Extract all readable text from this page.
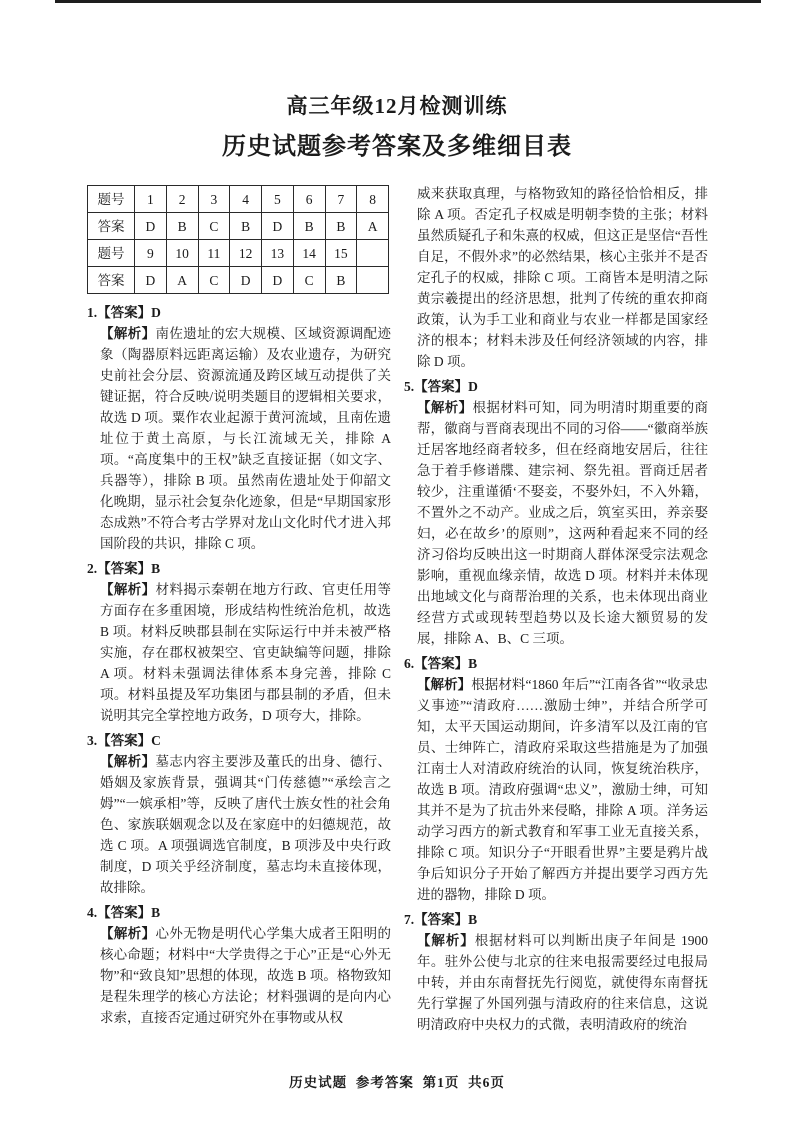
高三年级12月检测训练
历史试题参考答案及多维细目表
题号	1	2	3	4	5	6	7	8
答案	D	B	C	B	D	B	B	A
题号	9	10	11	12	13	14	15	
答案	D	A	C	D	D	C	B	
1.【答案】D

【解析】南佐遗址的宏大规模、区域资源调配迹象（陶器原料远距离运输）及农业遗存，为研究史前社会分层、资源流通及跨区域互动提供了关键证据，符合反映/说明类题目的逻辑相关要求，故选 D 项。粟作农业起源于黄河流域，且南佐遗址位于黄土高原，与长江流域无关，排除 A 项。“高度集中的王权”缺乏直接证据（如文字、兵器等），排除 B 项。虽然南佐遗址处于仰韶文化晚期，显示社会复杂化迹象，但是“早期国家形态成熟”不符合考古学界对龙山文化时代才进入邦国阶段的共识，排除 C 项。

2.【答案】B

【解析】材料揭示秦朝在地方行政、官吏任用等方面存在多重困境，形成结构性统治危机，故选 B 项。材料反映郡县制在实际运行中并未被严格实施，存在郡权被架空、官吏缺编等问题，排除 A 项。材料未强调法律体系本身完善，排除 C 项。材料虽提及军功集团与郡县制的矛盾，但未说明其完全掌控地方政务，D 项夸大，排除。

3.【答案】C

【解析】墓志内容主要涉及董氏的出身、德行、婚姻及家族背景，强调其“门传慈德”“承绘言之姆”“一嫔承相”等，反映了唐代士族女性的社会角色、家族联姻观念以及在家庭中的妇德规范，故选 C 项。A 项强调选官制度，B 项涉及中央行政制度，D 项关乎经济制度，墓志均未直接体现，故排除。

4.【答案】B

【解析】心外无物是明代心学集大成者王阳明的核心命题；材料中“大学贵得之于心”正是“心外无物”和“致良知”思想的体现，故选 B 项。格物致知是程朱理学的核心方法论；材料强调的是向内心求索，直接否定通过研究外在事物或从权

威来获取真理，与格物致知的路径恰恰相反，排除 A 项。否定孔子权威是明朝李贽的主张；材料虽然质疑孔子和朱熹的权威，但这正是坚信“吾性自足，不假外求”的必然结果，核心主张并不是否定孔子的权威，排除 C 项。工商皆本是明清之际黄宗羲提出的经济思想，批判了传统的重农抑商政策，认为手工业和商业与农业一样都是国家经济的根本；材料未涉及任何经济领域的内容，排除 D 项。

5.【答案】D

【解析】根据材料可知，同为明清时期重要的商帮，徽商与晋商表现出不同的习俗——“徽商举族迁居客地经商者较多，但在经商地安居后，往往急于着手修谱牒、建宗祠、祭先祖。晋商迁居者较少，注重谨循‘不娶妾，不娶外妇，不入外籍，不置外之不动产。业成之后，筑室买田，养亲娶妇，必在故乡’的原则”，这两种看起来不同的经济习俗均反映出这一时期商人群体深受宗法观念影响，重视血缘亲情，故选 D 项。材料并未体现出地域文化与商帮治理的关系，也未体现出商业经营方式或现转型趋势以及长途大额贸易的发展，排除 A、B、C 三项。

6.【答案】B

【解析】根据材料“1860 年后”“江南各省”“收录忠义事迹”“清政府……激励士绅”，并结合所学可知，太平天国运动期间，许多清军以及江南的官员、士绅阵亡，清政府采取这些措施是为了加强江南士人对清政府统治的认同，恢复统治秩序，故选 B 项。清政府强调“忠义”，激励士绅，可知其并不是为了抗击外来侵略，排除 A 项。洋务运动学习西方的新式教育和军事工业无直接关系，排除 C 项。知识分子“开眼看世界”主要是鸦片战争后知识分子开始了解西方并提出要学习西方先进的器物，排除 D 项。

7.【答案】B

【解析】根据材料可以判断出庚子年间是 1900 年。驻外公使与北京的往来电报需要经过电报局中转，并由东南督抚先行阅览，就使得东南督抚先行掌握了外国列强与清政府的往来信息，这说明清政府中央权力的式微，表明清政府的统治

历史试题  参考答案  第1页  共6页
